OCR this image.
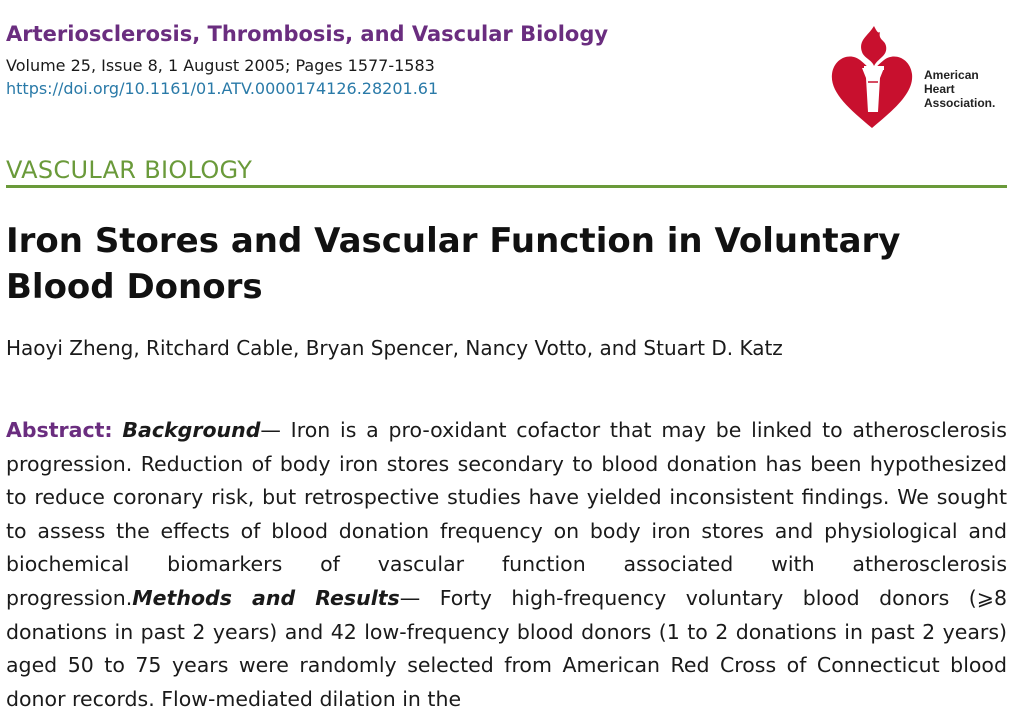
Arteriosclerosis, Thrombosis, and Vascular Biology
Volume 25, Issue 8, 1 August 2005; Pages 1577-1583
https://doi.org/10.1161/01.ATV.0000174126.28201.61
American
Heart
Association.
VASCULAR BIOLOGY
Iron Stores and Vascular Function in Voluntary Blood Donors
Haoyi Zheng, Ritchard Cable, Bryan Spencer, Nancy Votto, and Stuart D. Katz

Abstract: Background— Iron is a pro-oxidant cofactor that may be linked to atherosclerosis progression. Reduction of body iron stores secondary to blood donation has been hypothesized to reduce coronary risk, but retrospective studies have yielded inconsistent findings. We sought to assess the effects of blood donation frequency on body iron stores and physiological and biochemical biomarkers of vascular function associated with atherosclerosis progression.Methods and Results— Forty high-frequency voluntary blood donors (⩾8 donations in past 2 years) and 42 low-frequency blood donors (1 to 2 donations in past 2 years) aged 50 to 75 years were randomly selected from American Red Cross of Connecticut blood donor records. Flow-mediated dilation in the
